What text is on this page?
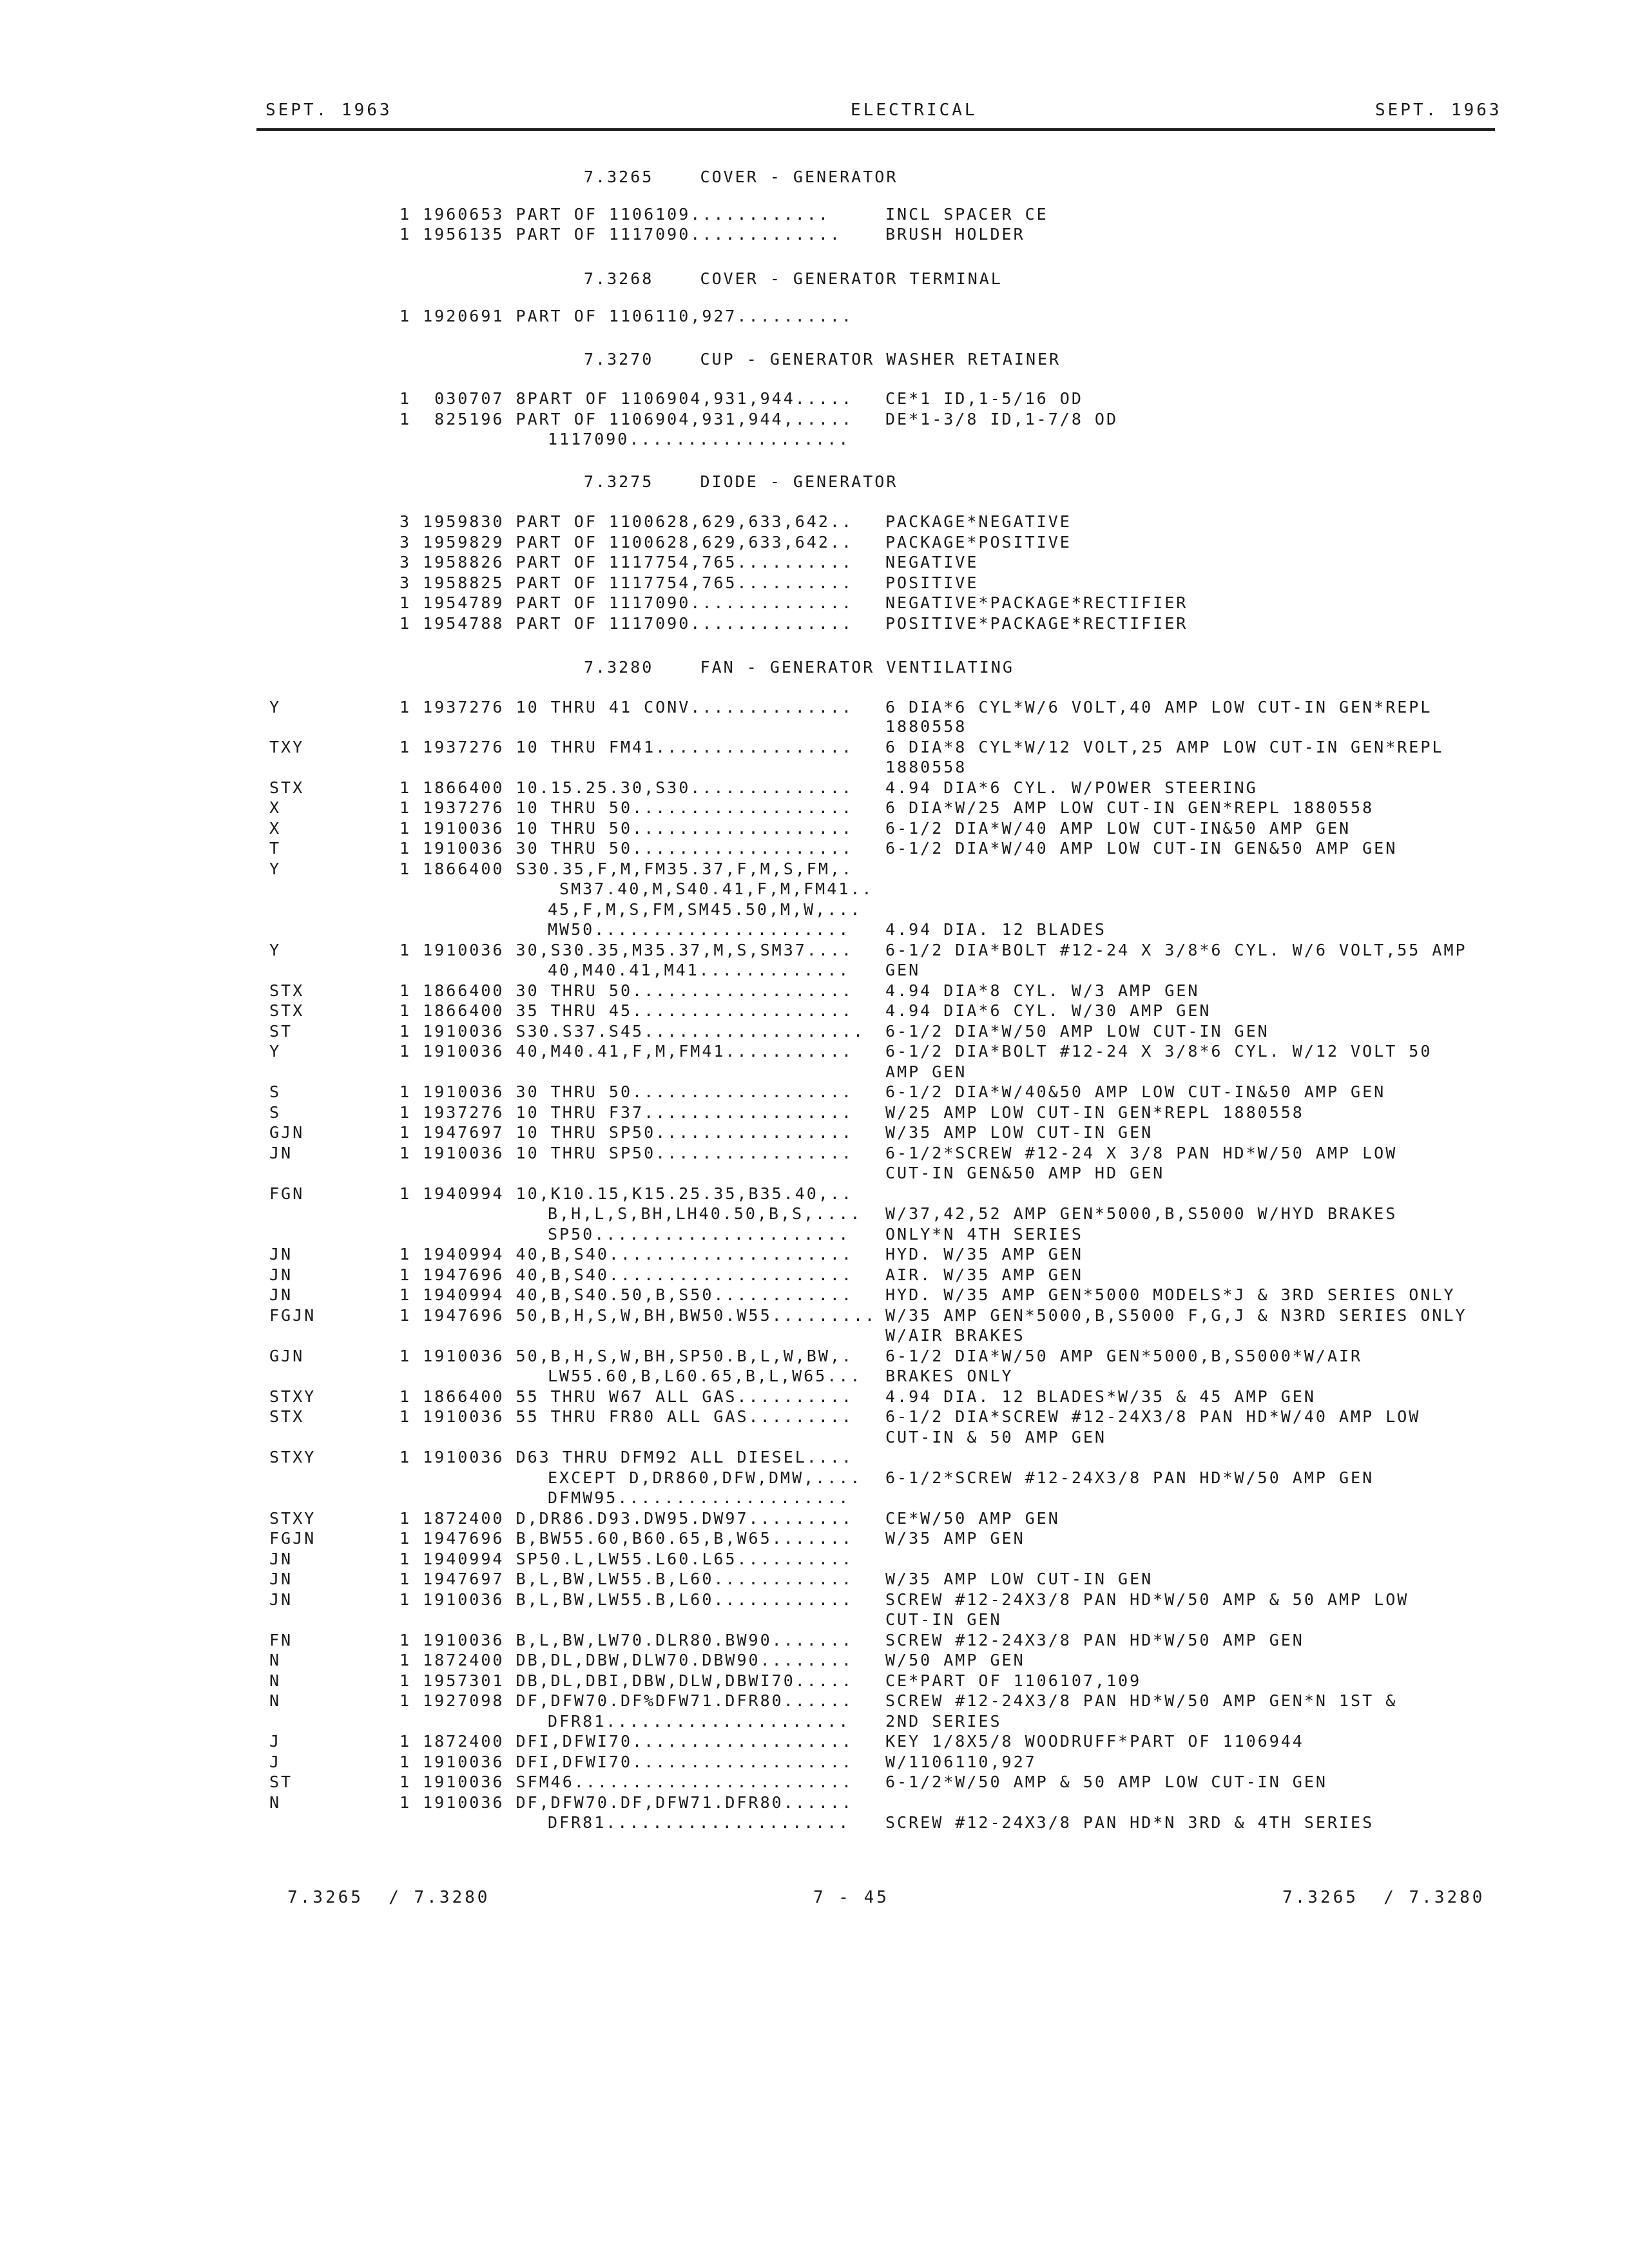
SEPT. 1963	ELECTRICAL	SEPT. 1963
7.3265    COVER - GENERATOR
7.3268    COVER - GENERATOR TERMINAL
7.3270    CUP - GENERATOR WASHER RETAINER
7.3275    DIODE - GENERATOR
7.3280    FAN - GENERATOR VENTILATING
1 1960653 PART OF 1106109............	INCL SPACER CE
1 1956135 PART OF 1117090.............	BRUSH HOLDER
1 1920691 PART OF 1106110,927..........
1  030707 8PART OF 1106904,931,944..... CE*1 ID,1-5/16 OD
1  825196 PART OF 1106904,931,944,..... DE*1-3/8 ID,1-7/8 OD
1117090...................
3 1959830 PART OF 1100628,629,633,642.. PACKAGE*NEGATIVE
3 1959829 PART OF 1100628,629,633,642.. PACKAGE*POSITIVE
3 1958826 PART OF 1117754,765.......... NEGATIVE
3 1958825 PART OF 1117754,765.......... POSITIVE
1 1954789 PART OF 1117090.............. NEGATIVE*PACKAGE*RECTIFIER
1 1954788 PART OF 1117090.............. POSITIVE*PACKAGE*RECTIFIER
Y	1 1937276 10 THRU 41 CONV.............. 6 DIA*6 CYL*W/6 VOLT,40 AMP LOW CUT-IN GEN*REPL
1880558
TXY	1 1937276 10 THRU FM41................. 6 DIA*8 CYL*W/12 VOLT,25 AMP LOW CUT-IN GEN*REPL
1880558
STX	1 1866400 10.15.25.30,S30.............. 4.94 DIA*6 CYL. W/POWER STEERING
X	1 1937276 10 THRU 50................... 6 DIA*W/25 AMP LOW CUT-IN GEN*REPL 1880558
X	1 1910036 10 THRU 50................... 6-1/2 DIA*W/40 AMP LOW CUT-IN&50 AMP GEN
T	1 1910036 30 THRU 50................... 6-1/2 DIA*W/40 AMP LOW CUT-IN GEN&50 AMP GEN
Y	1 1866400 S30.35,F,M,FM35.37,F,M,S,FM,.
SM37.40,M,S40.41,F,M,FM41..
45,F,M,S,FM,SM45.50,M,W,...
MW50...................... 4.94 DIA. 12 BLADES
Y	1 1910036 30,S30.35,M35.37,M,S,SM37.... 6-1/2 DIA*BOLT #12-24 X 3/8*6 CYL. W/6 VOLT,55 AMP
40,M40.41,M41............. GEN
STX	1 1866400 30 THRU 50................... 4.94 DIA*8 CYL. W/3 AMP GEN
STX	1 1866400 35 THRU 45................... 4.94 DIA*6 CYL. W/30 AMP GEN
ST	1 1910036 S30.S37.S45................... 6-1/2 DIA*W/50 AMP LOW CUT-IN GEN
Y	1 1910036 40,M40.41,F,M,FM41........... 6-1/2 DIA*BOLT #12-24 X 3/8*6 CYL. W/12 VOLT 50
AMP GEN
S	1 1910036 30 THRU 50................... 6-1/2 DIA*W/40&50 AMP LOW CUT-IN&50 AMP GEN
S	1 1937276 10 THRU F37.................. W/25 AMP LOW CUT-IN GEN*REPL 1880558
GJN	1 1947697 10 THRU SP50................. W/35 AMP LOW CUT-IN GEN
JN	1 1910036 10 THRU SP50................. 6-1/2*SCREW #12-24 X 3/8 PAN HD*W/50 AMP LOW
CUT-IN GEN&50 AMP HD GEN
FGN	1 1940994 10,K10.15,K15.25.35,B35.40,..
B,H,L,S,BH,LH40.50,B,S,.... W/37,42,52 AMP GEN*5000,B,S5000 W/HYD BRAKES
SP50...................... ONLY*N 4TH SERIES
JN	1 1940994 40,B,S40..................... HYD. W/35 AMP GEN
JN	1 1947696 40,B,S40..................... AIR. W/35 AMP GEN
JN	1 1940994 40,B,S40.50,B,S50............ HYD. W/35 AMP GEN*5000 MODELS*J & 3RD SERIES ONLY
FGJN	1 1947696 50,B,H,S,W,BH,BW50.W55......... W/35 AMP GEN*5000,B,S5000 F,G,J & N3RD SERIES ONLY
W/AIR BRAKES
GJN	1 1910036 50,B,H,S,W,BH,SP50.B,L,W,BW,. 6-1/2 DIA*W/50 AMP GEN*5000,B,S5000*W/AIR
LW55.60,B,L60.65,B,L,W65... BRAKES ONLY
STXY	1 1866400 55 THRU W67 ALL GAS.......... 4.94 DIA. 12 BLADES*W/35 & 45 AMP GEN
STX	1 1910036 55 THRU FR80 ALL GAS......... 6-1/2 DIA*SCREW #12-24X3/8 PAN HD*W/40 AMP LOW
CUT-IN & 50 AMP GEN
STXY	1 1910036 D63 THRU DFM92 ALL DIESEL....
EXCEPT D,DR860,DFW,DMW,.... 6-1/2*SCREW #12-24X3/8 PAN HD*W/50 AMP GEN
DFMW95....................
STXY	1 1872400 D,DR86.D93.DW95.DW97......... CE*W/50 AMP GEN
FGJN	1 1947696 B,BW55.60,B60.65,B,W65....... W/35 AMP GEN
JN	1 1940994 SP50.L,LW55.L60.L65..........
JN	1 1947697 B,L,BW,LW55.B,L60............ W/35 AMP LOW CUT-IN GEN
JN	1 1910036 B,L,BW,LW55.B,L60............ SCREW #12-24X3/8 PAN HD*W/50 AMP & 50 AMP LOW
CUT-IN GEN
FN	1 1910036 B,L,BW,LW70.DLR80.BW90....... SCREW #12-24X3/8 PAN HD*W/50 AMP GEN
N	1 1872400 DB,DL,DBW,DLW70.DBW90........ W/50 AMP GEN
N	1 1957301 DB,DL,DBI,DBW,DLW,DBWI70..... CE*PART OF 1106107,109
N	1 1927098 DF,DFW70.DF%DFW71.DFR80...... SCREW #12-24X3/8 PAN HD*W/50 AMP GEN*N 1ST &
DFR81..................... 2ND SERIES
J	1 1872400 DFI,DFWI70................... KEY 1/8X5/8 WOODRUFF*PART OF 1106944
J	1 1910036 DFI,DFWI70................... W/1106110,927
ST	1 1910036 SFM46........................ 6-1/2*W/50 AMP & 50 AMP LOW CUT-IN GEN
N	1 1910036 DF,DFW70.DF,DFW71.DFR80......
DFR81..................... SCREW #12-24X3/8 PAN HD*N 3RD & 4TH SERIES
7.3265  / 7.3280	7 - 45	7.3265  / 7.3280
